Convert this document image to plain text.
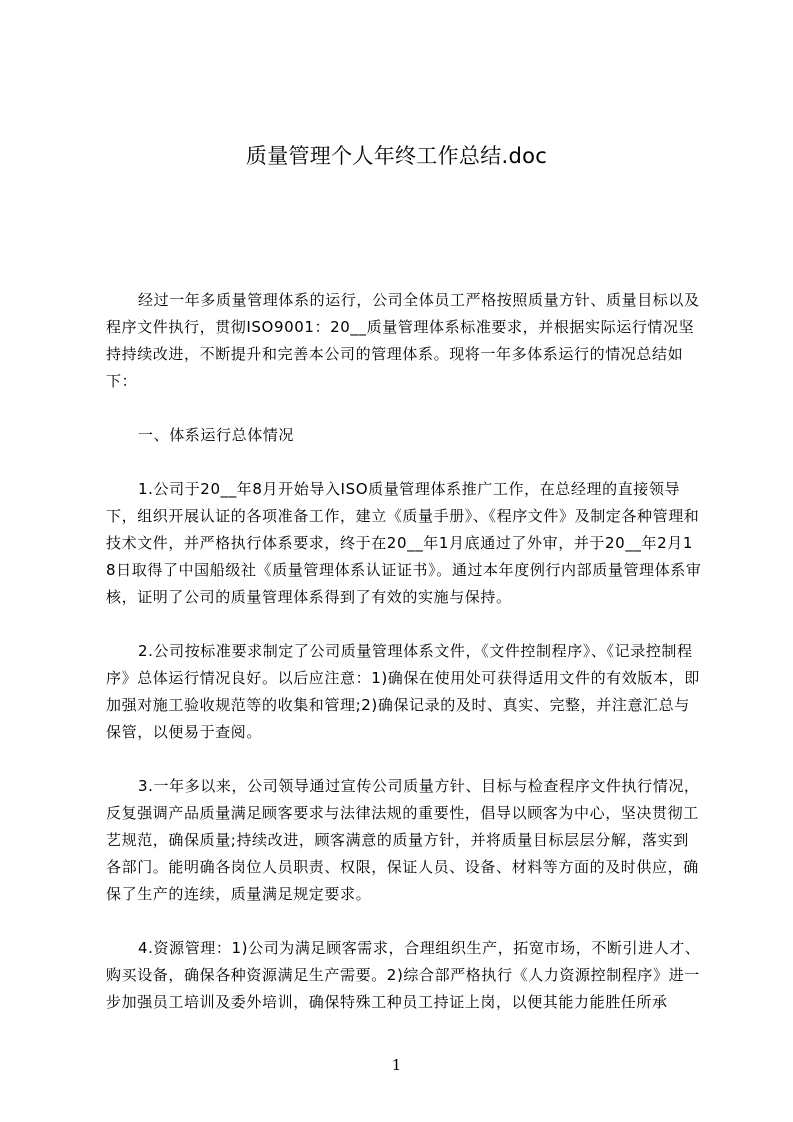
质量管理个人年终工作总结.doc

经过一年多质量管理体系的运行，公司全体员工严格按照质量方针、质量目标以及程序文件执行，贯彻ISO9001：20__质量管理体系标准要求，并根据实际运行情况坚持持续改进，不断提升和完善本公司的管理体系。现将一年多体系运行的情况总结如下：

一、体系运行总体情况

1.公司于20__年8月开始导入ISO质量管理体系推广工作，在总经理的直接领导下，组织开展认证的各项准备工作，建立《质量手册》、《程序文件》及制定各种管理和技术文件，并严格执行体系要求，终于在20__年1月底通过了外审，并于20__年2月18日取得了中国船级社《质量管理体系认证证书》。通过本年度例行内部质量管理体系审核，证明了公司的质量管理体系得到了有效的实施与保持。

2.公司按标准要求制定了公司质量管理体系文件，《文件控制程序》、《记录控制程序》总体运行情况良好。以后应注意：1)确保在使用处可获得适用文件的有效版本，即加强对施工验收规范等的收集和管理;2)确保记录的及时、真实、完整，并注意汇总与保管，以便易于查阅。

3.一年多以来，公司领导通过宣传公司质量方针、目标与检查程序文件执行情况，反复强调产品质量满足顾客要求与法律法规的重要性，倡导以顾客为中心，坚决贯彻工艺规范，确保质量;持续改进，顾客满意的质量方针，并将质量目标层层分解，落实到各部门。能明确各岗位人员职责、权限，保证人员、设备、材料等方面的及时供应，确保了生产的连续，质量满足规定要求。

4.资源管理：1)公司为满足顾客需求，合理组织生产，拓宽市场，不断引进人才、购买设备，确保各种资源满足生产需要。2)综合部严格执行《人力资源控制程序》进一步加强员工培训及委外培训，确保特殊工种员工持证上岗，以便其能力能胜任所承

1
